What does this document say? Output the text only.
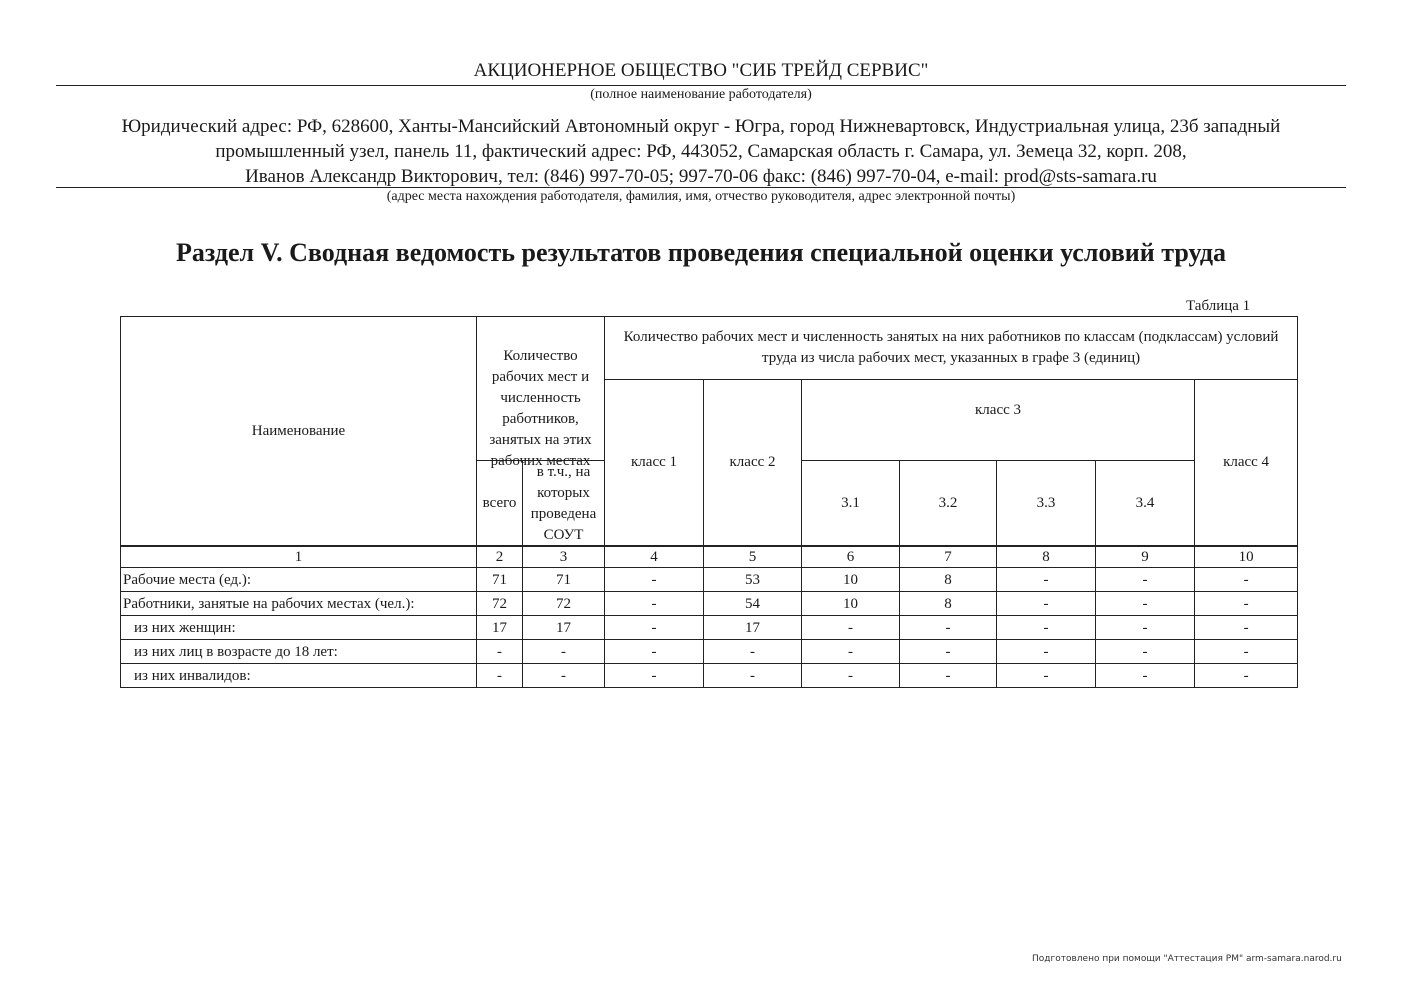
АКЦИОНЕРНОЕ ОБЩЕСТВО "СИБ ТРЕЙД СЕРВИС"
(полное наименование работодателя)
Юридический адрес: РФ, 628600, Ханты-Мансийский Автономный округ - Югра, город Нижневартовск, Индустриальная улица, 23б западный
промышленный узел, панель 11, фактический адрес: РФ, 443052, Самарская область г. Самара, ул. Земеца 32, корп. 208,
Иванов Александр Викторович, тел: (846) 997-70-05; 997-70-06 факс: (846) 997-70-04, e-mail: prod@sts-samara.ru
(адрес места нахождения работодателя, фамилия, имя, отчество руководителя, адрес электронной почты)
Раздел V. Сводная ведомость результатов проведения специальной оценки условий труда
Таблица 1
Наименование	Количество рабочих мест и численность работников, занятых на этих рабочих местах		Количество рабочих мест и численность занятых на них работников по классам (подклассам) условий труда из числа рабочих мест, указанных в графе 3 (единиц)						
			класс 1	класс 2	класс 3				класс 4
	всего	в т.ч., на которых проведена СОУТ			3.1	3.2	3.3	3.4	
1	2	3	4	5	6	7	8	9	10
Рабочие места (ед.):	71	71	-	53	10	8	-	-	-
Работники, занятые на рабочих местах (чел.):	72	72	-	54	10	8	-	-	-
из них женщин:	17	17	-	17	-	-	-	-	-
из них лиц в возрасте до 18 лет:	-	-	-	-	-	-	-	-	-
из них инвалидов:	-	-	-	-	-	-	-	-	-
Подготовлено при помощи "Аттестация РМ" arm-samara.narod.ru
